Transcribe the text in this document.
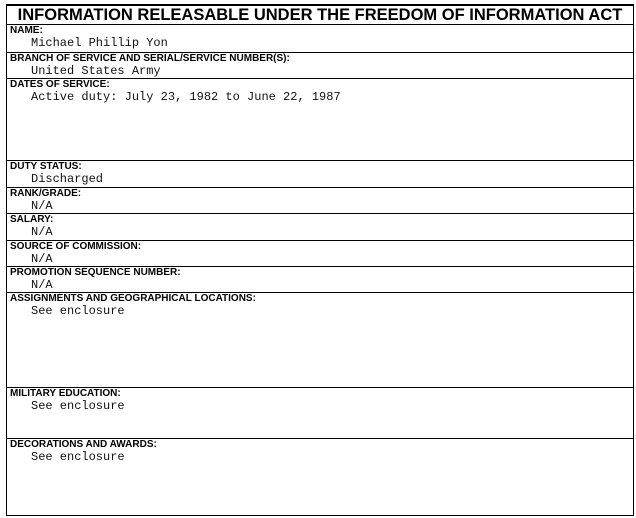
INFORMATION RELEASABLE UNDER THE FREEDOM OF INFORMATION ACT
NAME:
Michael Phillip Yon
BRANCH OF SERVICE AND SERIAL/SERVICE NUMBER(S):
United States Army
DATES OF SERVICE:
Active duty: July 23, 1982 to June 22, 1987
DUTY STATUS:
Discharged
RANK/GRADE:
N/A
SALARY:
N/A
SOURCE OF COMMISSION:
N/A
PROMOTION SEQUENCE NUMBER:
N/A
ASSIGNMENTS AND GEOGRAPHICAL LOCATIONS:
See enclosure
MILITARY EDUCATION:
See enclosure
DECORATIONS AND AWARDS:
See enclosure
